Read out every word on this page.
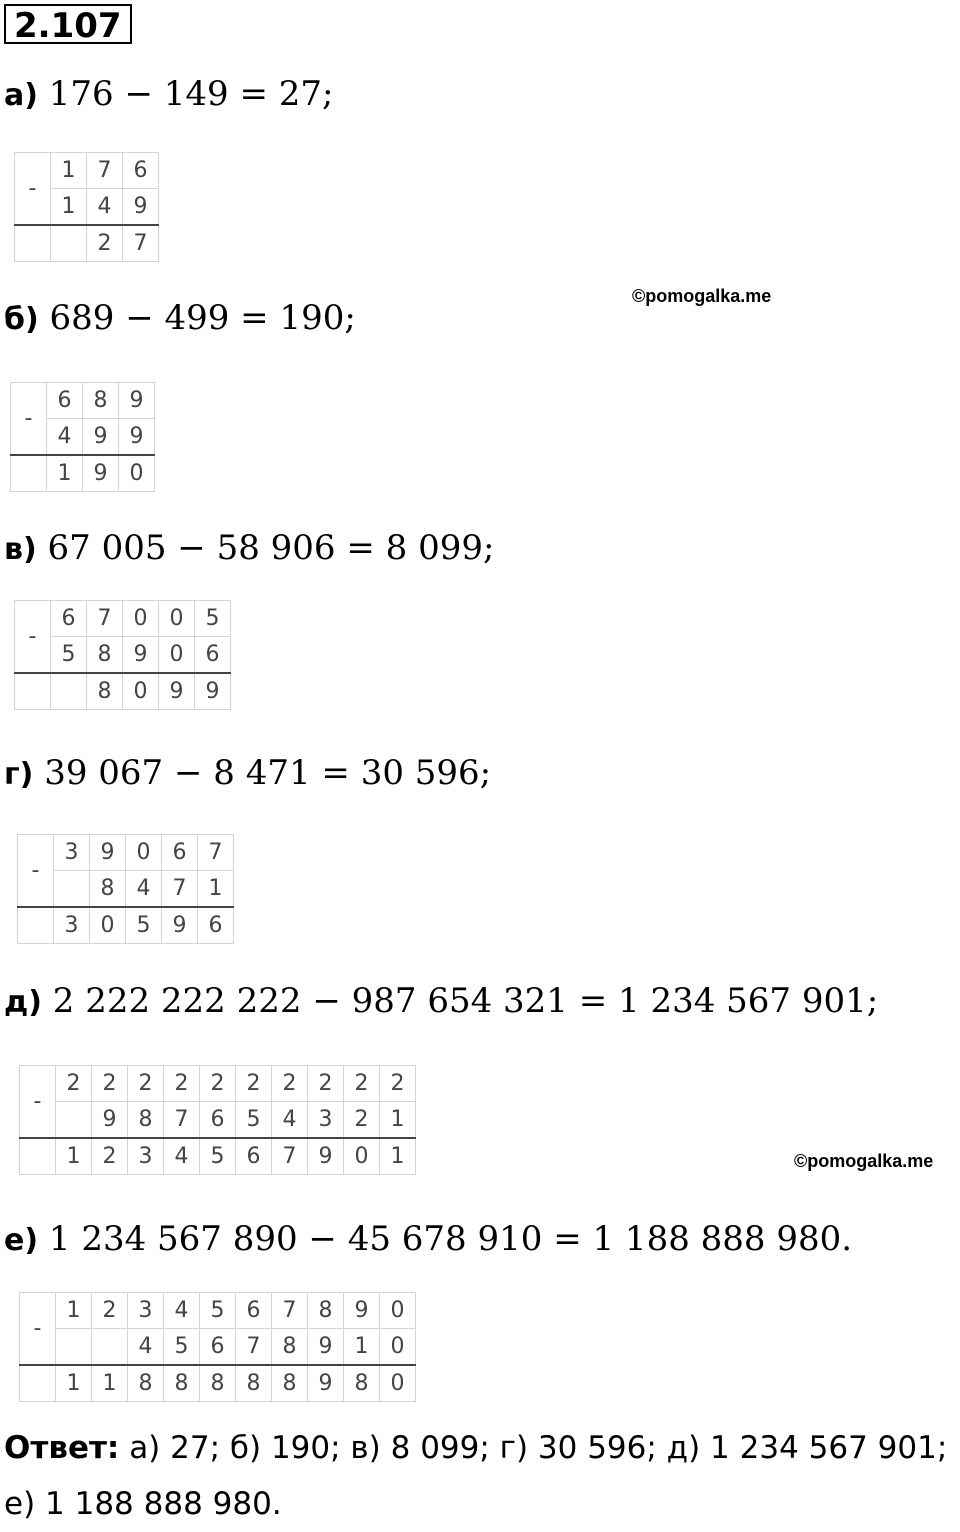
2.107
а) 176 − 149 = 27;
-	1	7	6
	1	4	9
		2	7
©pomogalka.me
б) 689 − 499 = 190;
-	6	8	9
	4	9	9
	1	9	0
в) 67 005 − 58 906 = 8 099;
-	6	7	0	0	5
	5	8	9	0	6
		8	0	9	9
г) 39 067 − 8 471 = 30 596;
-	3	9	0	6	7
		8	4	7	1
	3	0	5	9	6
д) 2 222 222 222 − 987 654 321 = 1 234 567 901;
-	2	2	2	2	2	2	2	2	2	2
		9	8	7	6	5	4	3	2	1
	1	2	3	4	5	6	7	9	0	1	©pomogalka.me
е) 1 234 567 890 − 45 678 910 = 1 188 888 980.
-	1	2	3	4	5	6	7	8	9	0
			4	5	6	7	8	9	1	0
	1	1	8	8	8	8	8	9	8	0
Ответ: а) 27; б) 190; в) 8 099; г) 30 596; д) 1 234 567 901; е) 1 188 888 980.
